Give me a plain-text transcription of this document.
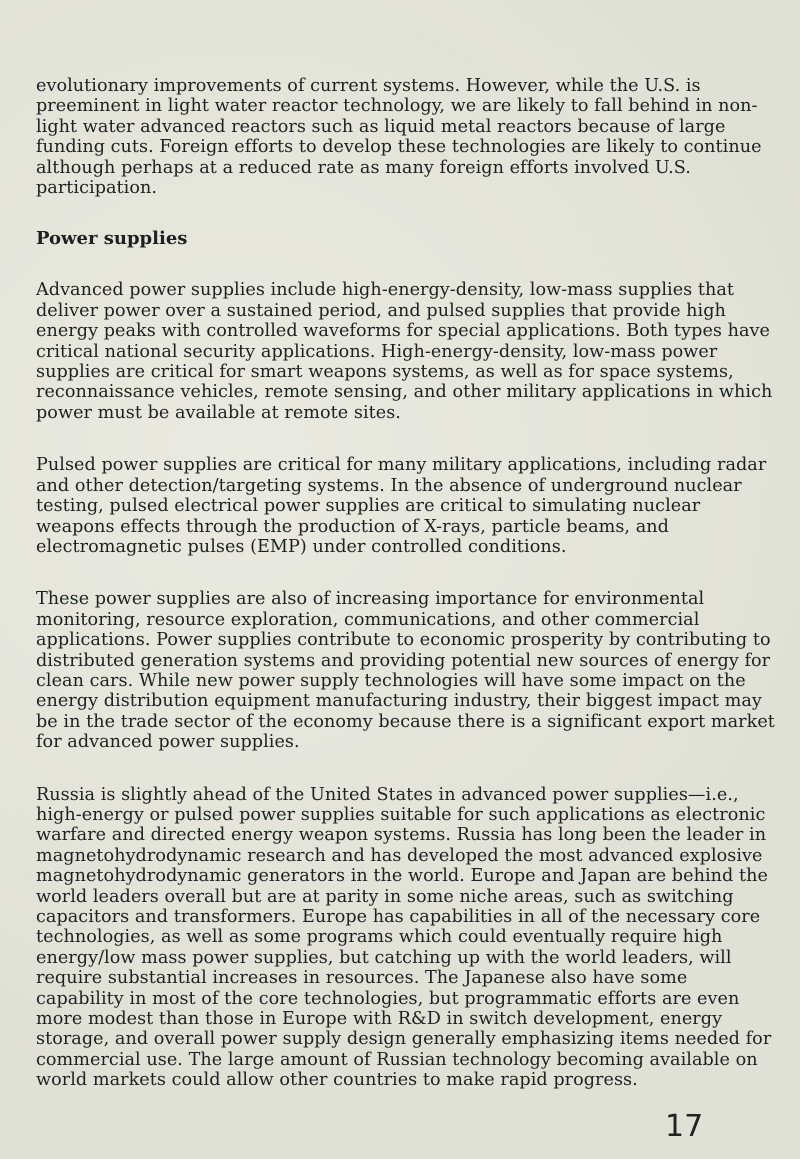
evolutionary improvements of current systems. However, while the U.S. is preeminent in light water reactor technology, we are likely to fall behind in non-light water advanced reactors such as liquid metal reactors because of large funding cuts. Foreign efforts to develop these technologies are likely to continue although perhaps at a reduced rate as many foreign efforts involved U.S. participation.

Power supplies

Advanced power supplies include high-energy-density, low-mass supplies that deliver power over a sustained period, and pulsed supplies that provide high energy peaks with controlled waveforms for special applications. Both types have critical national security applications. High-energy-density, low-mass power supplies are critical for smart weapons systems, as well as for space systems, reconnaissance vehicles, remote sensing, and other military applications in which power must be available at remote sites.

Pulsed power supplies are critical for many military applications, including radar and other detection/targeting systems. In the absence of underground nuclear testing, pulsed electrical power supplies are critical to simulating nuclear weapons effects through the production of X-rays, particle beams, and electromagnetic pulses (EMP) under controlled conditions.

These power supplies are also of increasing importance for environmental monitoring, resource exploration, communications, and other commercial applications. Power supplies contribute to economic prosperity by contributing to distributed generation systems and providing potential new sources of energy for clean cars. While new power supply technologies will have some impact on the energy distribution equipment manufacturing industry, their biggest impact may be in the trade sector of the economy because there is a significant export market for advanced power supplies.

Russia is slightly ahead of the United States in advanced power supplies—i.e., high-energy or pulsed power supplies suitable for such applications as electronic warfare and directed energy weapon systems. Russia has long been the leader in magnetohydrodynamic research and has developed the most advanced explosive magnetohydrodynamic generators in the world. Europe and Japan are behind the world leaders overall but are at parity in some niche areas, such as switching capacitors and transformers. Europe has capabilities in all of the necessary core technologies, as well as some programs which could eventually require high energy/low mass power supplies, but catching up with the world leaders, will require substantial increases in resources. The Japanese also have some capability in most of the core technologies, but programmatic efforts are even more modest than those in Europe with R&D in switch development, energy storage, and overall power supply design generally emphasizing items needed for commercial use. The large amount of Russian technology becoming available on world markets could allow other countries to make rapid progress.

17
